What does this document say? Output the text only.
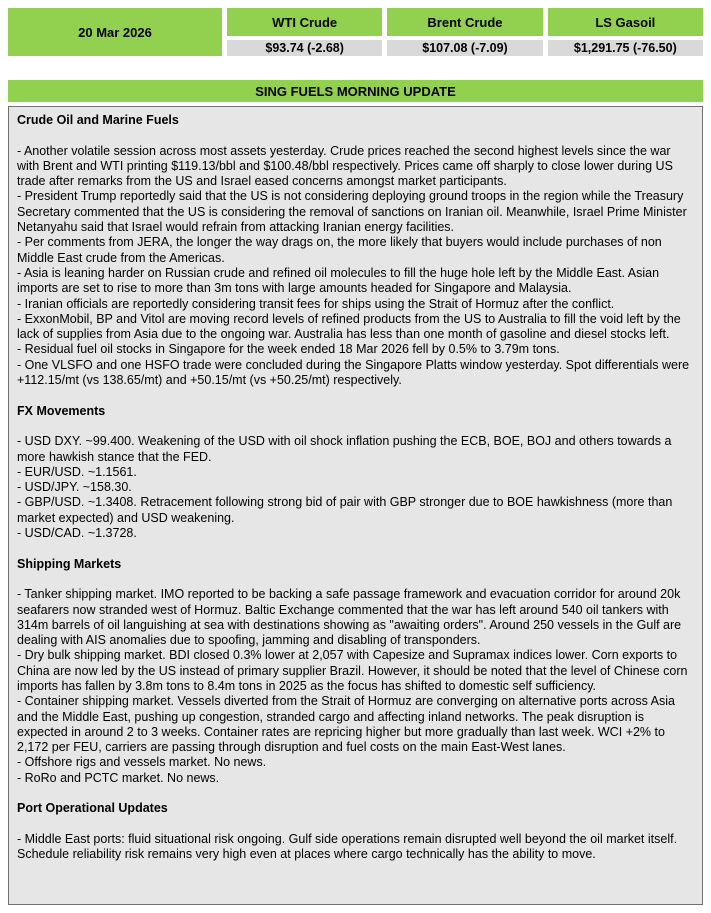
20 Mar 2026
WTI Crude	Brent Crude	LS Gasoil
$93.74 (-2.68)	$107.08 (-7.09)	$1,291.75 (-76.50)
SING FUELS MORNING UPDATE
Crude Oil and Marine Fuels

- Another volatile session across most assets yesterday. Crude prices reached the second highest levels since the war with Brent and WTI printing $119.13/bbl and $100.48/bbl respectively. Prices came off sharply to close lower during US trade after remarks from the US and Israel eased concerns amongst market participants.

- President Trump reportedly said that the US is not considering deploying ground troops in the region while the Treasury Secretary commented that the US is considering the removal of sanctions on Iranian oil. Meanwhile, Israel Prime Minister Netanyahu said that Israel would refrain from attacking Iranian energy facilities.

- Per comments from JERA, the longer the way drags on, the more likely that buyers would include purchases of non Middle East crude from the Americas.

- Asia is leaning harder on Russian crude and refined oil molecules to fill the huge hole left by the Middle East. Asian imports are set to rise to more than 3m tons with large amounts headed for Singapore and Malaysia.

- Iranian officials are reportedly considering transit fees for ships using the Strait of Hormuz after the conflict.

- ExxonMobil, BP and Vitol are moving record levels of refined products from the US to Australia to fill the void left by the lack of supplies from Asia due to the ongoing war. Australia has less than one month of gasoline and diesel stocks left.

- Residual fuel oil stocks in Singapore for the week ended 18 Mar 2026 fell by 0.5% to 3.79m tons.

- One VLSFO and one HSFO trade were concluded during the Singapore Platts window yesterday. Spot differentials were +112.15/mt (vs 138.65/mt) and +50.15/mt (vs +50.25/mt) respectively.

FX Movements

- USD DXY. ~99.400. Weakening of the USD with oil shock inflation pushing the ECB, BOE, BOJ and others towards a more hawkish stance that the FED.

- EUR/USD. ~1.1561.

- USD/JPY. ~158.30.

- GBP/USD. ~1.3408. Retracement following strong bid of pair with GBP stronger due to BOE hawkishness (more than market expected) and USD weakening.

- USD/CAD. ~1.3728.

Shipping Markets

- Tanker shipping market. IMO reported to be backing a safe passage framework and evacuation corridor for around 20k seafarers now stranded west of Hormuz. Baltic Exchange commented that the war has left around 540 oil tankers with 314m barrels of oil languishing at sea with destinations showing as "awaiting orders". Around 250 vessels in the Gulf are dealing with AIS anomalies due to spoofing, jamming and disabling of transponders.

- Dry bulk shipping market. BDI closed 0.3% lower at 2,057 with Capesize and Supramax indices lower. Corn exports to China are now led by the US instead of primary supplier Brazil. However, it should be noted that the level of Chinese corn imports has fallen by 3.8m tons to 8.4m tons in 2025 as the focus has shifted to domestic self sufficiency.

- Container shipping market. Vessels diverted from the Strait of Hormuz are converging on alternative ports across Asia and the Middle East, pushing up congestion, stranded cargo and affecting inland networks. The peak disruption is expected in around 2 to 3 weeks. Container rates are repricing higher but more gradually than last week. WCI +2% to 2,172 per FEU, carriers are passing through disruption and fuel costs on the main East-West lanes.

- Offshore rigs and vessels market. No news.

- RoRo and PCTC market. No news.

Port Operational Updates

- Middle East ports: fluid situational risk ongoing. Gulf side operations remain disrupted well beyond the oil market itself. Schedule reliability risk remains very high even at places where cargo technically has the ability to move.
